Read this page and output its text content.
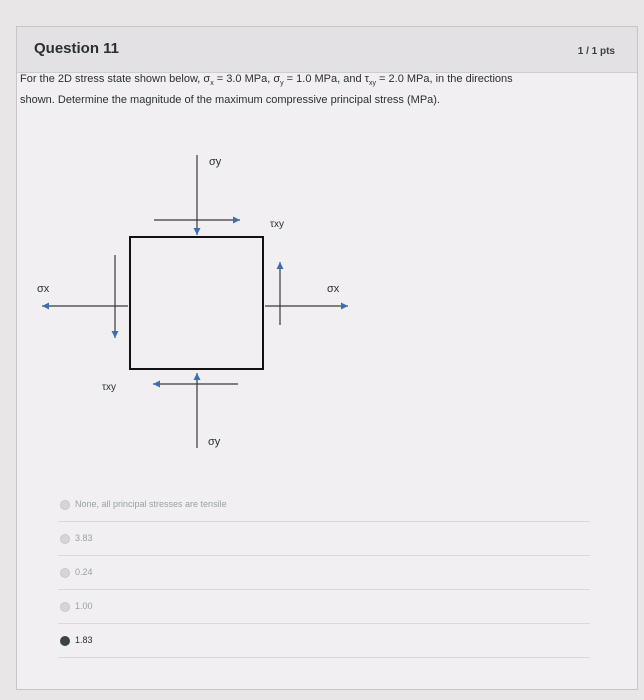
Question 11	1 / 1 pts
For the 2D stress state shown below, $\sigma_x = 3.0$ MPa, $\sigma_y = 1.0$ MPa, and $\tau_{xy} = 2.0$ MPa, in the directions
shown. Determine the magnitude of the maximum compressive principal stress (MPa).
σy
τxy
σx
σx
σy
τxy
None, all principal stresses are tensile
3.83
0.24
1.00
1.83
